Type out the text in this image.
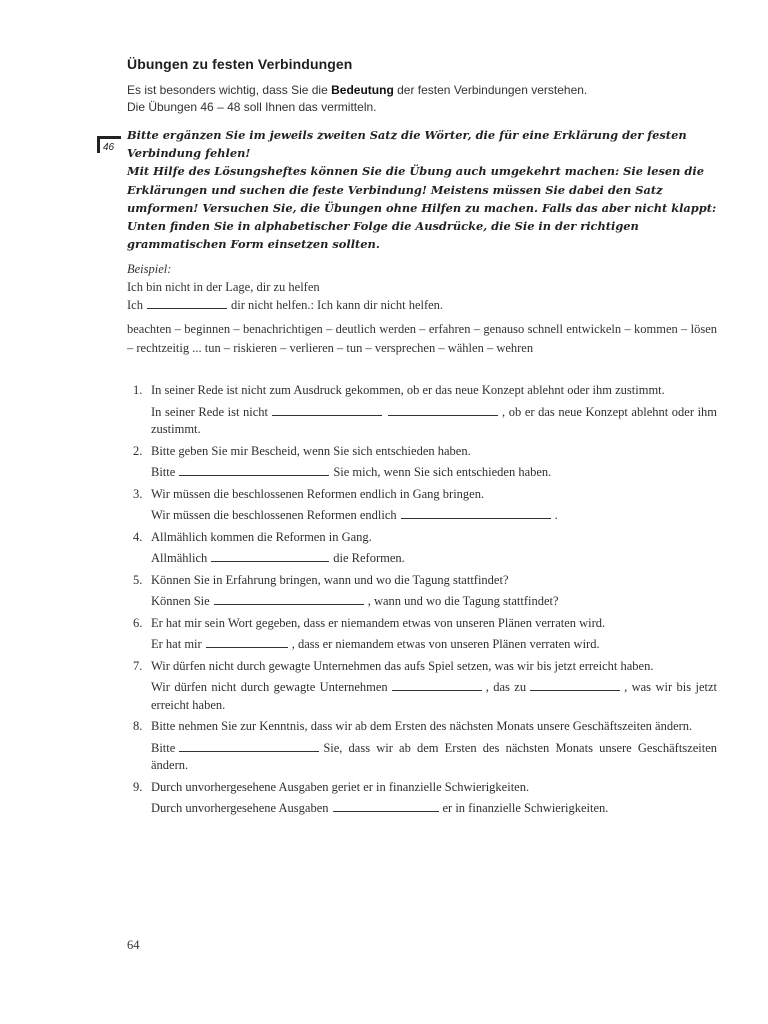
Übungen zu festen Verbindungen
Es ist besonders wichtig, dass Sie die Bedeutung der festen Verbindungen verstehen.
Die Übungen 46 – 48 soll Ihnen das vermitteln.
46
Bitte ergänzen Sie im jeweils zweiten Satz die Wörter, die für eine Erklärung der festen Verbindung fehlen!
Mit Hilfe des Lösungsheftes können Sie die Übung auch umgekehrt machen: Sie lesen die Erklärungen und suchen die feste Verbindung! Meistens müssen Sie dabei den Satz umformen! Versuchen Sie, die Übungen ohne Hilfen zu machen. Falls das aber nicht klappt: Unten finden Sie in alphabetischer Folge die Ausdrücke, die Sie in der richtigen grammatischen Form einsetzen sollten.
Beispiel:
Ich bin nicht in der Lage, dir zu helfen
Ich	dir nicht helfen.: Ich kann dir nicht helfen.
beachten – beginnen – benachrichtigen – deutlich werden – erfahren – genauso schnell entwickeln – kommen – lösen – rechtzeitig ... tun – riskieren – verlieren – tun – versprechen – wählen – wehren
1. In seiner Rede ist nicht zum Ausdruck gekommen, ob er das neue Konzept ablehnt oder ihm zustimmt.
In seiner Rede ist nicht	, ob er das neue Konzept ablehnt oder ihm zustimmt.
2. Bitte geben Sie mir Bescheid, wenn Sie sich entschieden haben.
Bitte	Sie mich, wenn Sie sich entschieden haben.
3. Wir müssen die beschlossenen Reformen endlich in Gang bringen.
Wir müssen die beschlossenen Reformen endlich	.
4. Allmählich kommen die Reformen in Gang.
Allmählich	die Reformen.
5. Können Sie in Erfahrung bringen, wann und wo die Tagung stattfindet?
Können Sie	, wann und wo die Tagung stattfindet?
6. Er hat mir sein Wort gegeben, dass er niemandem etwas von unseren Plänen verraten wird.
Er hat mir	, dass er niemandem etwas von unseren Plänen verraten wird.
7. Wir dürfen nicht durch gewagte Unternehmen das aufs Spiel setzen, was wir bis jetzt erreicht haben.
Wir dürfen nicht durch gewagte Unternehmen	, das zu	, was wir bis jetzt erreicht haben.
8. Bitte nehmen Sie zur Kenntnis, dass wir ab dem Ersten des nächsten Monats unsere Geschäftszeiten ändern.
Bitte	Sie, dass wir ab dem Ersten des nächsten Monats unsere Geschäftszeiten ändern.
9. Durch unvorhergesehene Ausgaben geriet er in finanzielle Schwierigkeiten.
Durch unvorhergesehene Ausgaben	er in finanzielle Schwierigkeiten.
64
